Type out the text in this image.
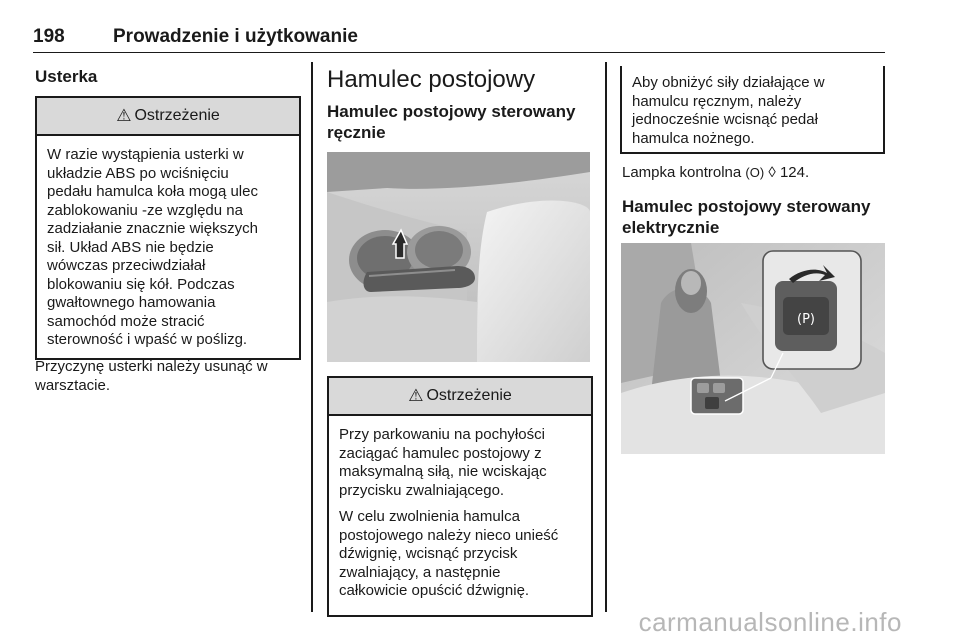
198	Prowadzenie i użytkowanie
Usterka
⚠ Ostrzeżenie

W razie wystąpienia usterki w
układzie ABS po wciśnięciu
pedału hamulca koła mogą ulec
zablokowaniu -ze względu na
zadziałanie znacznie większych
sił. Układ ABS nie będzie
wówczas przeciwdziałał
blokowaniu się kół. Podczas
gwałtownego hamowania
samochód może stracić
sterowność i wpaść w poślizg.

Przyczynę usterki należy usunąć w
warsztacie.

Hamulec postojowy
Hamulec postojowy sterowany
ręcznie
⚠ Ostrzeżenie

Przy parkowaniu na pochyłości
zaciągać hamulec postojowy z
maksymalną siłą, nie wciskając
przycisku zwalniającego.

W celu zwolnienia hamulca
postojowego należy nieco unieść
dźwignię, wcisnąć przycisk
zwalniający, a następnie
całkowicie opuścić dźwignię.

Aby obniżyć siły działające w
hamulcu ręcznym, należy
jednocześnie wcisnąć pedał
hamulca nożnego.

Lampka kontrolna (O) ◊ 124.

Hamulec postojowy sterowany
elektrycznie
(P)
carmanualsonline.info
